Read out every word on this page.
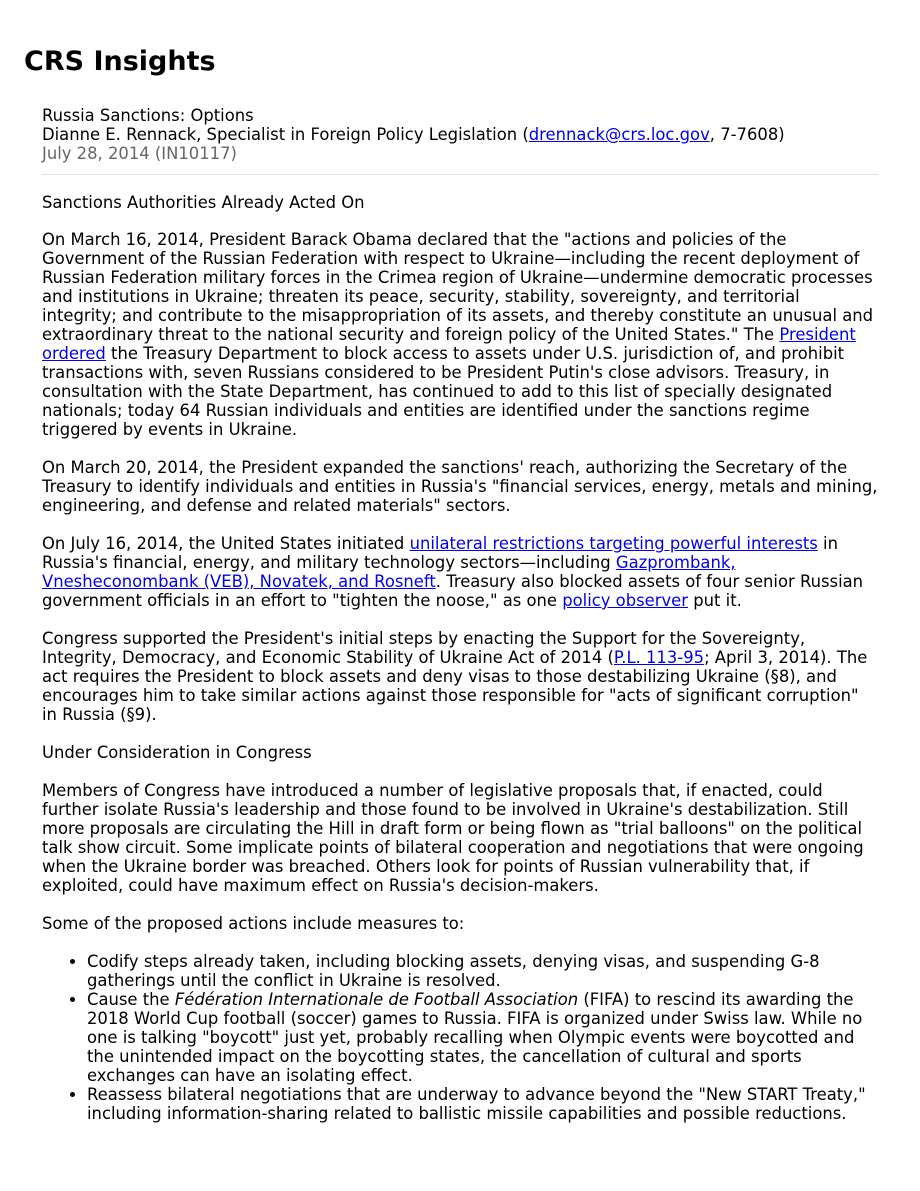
CRS Insights

Russia Sanctions: Options

Dianne E. Rennack, Specialist in Foreign Policy Legislation (drennack@crs.loc.gov, 7-7608)

July 28, 2014 (IN10117)

Sanctions Authorities Already Acted On

On March 16, 2014, President Barack Obama declared that the "actions and policies of the Government of the Russian Federation with respect to Ukraine—including the recent deployment of Russian Federation military forces in the Crimea region of Ukraine—undermine democratic processes and institutions in Ukraine; threaten its peace, security, stability, sovereignty, and territorial integrity; and contribute to the misappropriation of its assets, and thereby constitute an unusual and extraordinary threat to the national security and foreign policy of the United States." The President ordered the Treasury Department to block access to assets under U.S. jurisdiction of, and prohibit transactions with, seven Russians considered to be President Putin's close advisors. Treasury, in consultation with the State Department, has continued to add to this list of specially designated nationals; today 64 Russian individuals and entities are identified under the sanctions regime triggered by events in Ukraine.

On March 20, 2014, the President expanded the sanctions' reach, authorizing the Secretary of the Treasury to identify individuals and entities in Russia's "financial services, energy, metals and mining, engineering, and defense and related materials" sectors.

On July 16, 2014, the United States initiated unilateral restrictions targeting powerful interests in Russia's financial, energy, and military technology sectors—including Gazprombank, Vnesheconombank (VEB), Novatek, and Rosneft. Treasury also blocked assets of four senior Russian government officials in an effort to "tighten the noose," as one policy observer put it.

Congress supported the President's initial steps by enacting the Support for the Sovereignty, Integrity, Democracy, and Economic Stability of Ukraine Act of 2014 (P.L. 113-95; April 3, 2014). The act requires the President to block assets and deny visas to those destabilizing Ukraine (§8), and encourages him to take similar actions against those responsible for "acts of significant corruption" in Russia (§9).

Under Consideration in Congress

Members of Congress have introduced a number of legislative proposals that, if enacted, could further isolate Russia's leadership and those found to be involved in Ukraine's destabilization. Still more proposals are circulating the Hill in draft form or being flown as "trial balloons" on the political talk show circuit. Some implicate points of bilateral cooperation and negotiations that were ongoing when the Ukraine border was breached. Others look for points of Russian vulnerability that, if exploited, could have maximum effect on Russia's decision-makers.

Some of the proposed actions include measures to:

• Codify steps already taken, including blocking assets, denying visas, and suspending G-8 gatherings until the conflict in Ukraine is resolved.
• Cause the Fédération Internationale de Football Association (FIFA) to rescind its awarding the 2018 World Cup football (soccer) games to Russia. FIFA is organized under Swiss law. While no one is talking "boycott" just yet, probably recalling when Olympic events were boycotted and the unintended impact on the boycotting states, the cancellation of cultural and sports exchanges can have an isolating effect.
• Reassess bilateral negotiations that are underway to advance beyond the "New START Treaty," including information-sharing related to ballistic missile capabilities and possible reductions.
